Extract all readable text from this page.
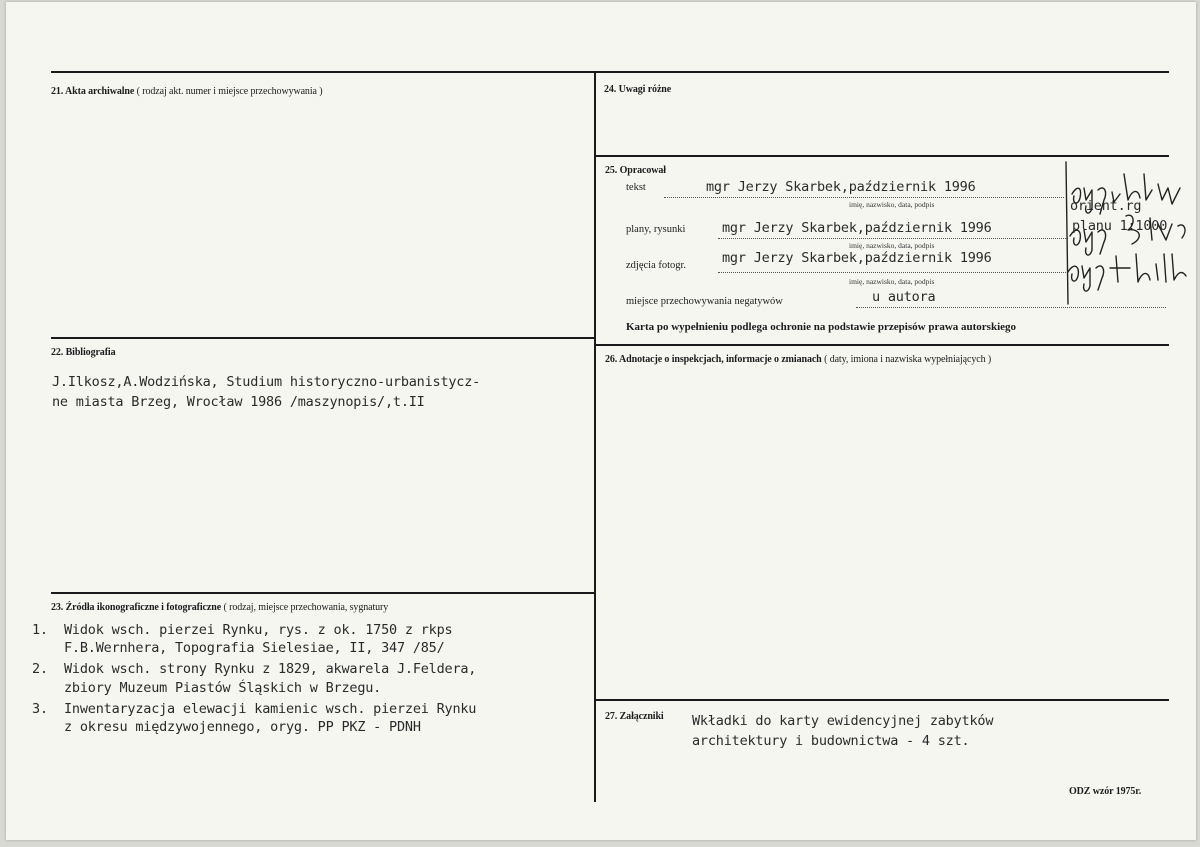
21. Akta archiwalne ( rodzaj akt. numer i miejsce przechowywania )
22. Bibliografia
J.Ilkosz,A.Wodzińska, Studium historyczno-urbanistycz-
ne miasta Brzeg, Wrocław 1986 /maszynopis/,t.II
23. Źródła ikonograficzne i fotograficzne ( rodzaj, miejsce przechowania, sygnatury
1. Widok wsch. pierzei Rynku, rys. z ok. 1750 z rkps
F.B.Wernhera, Topografia Sielesiae, II, 347 /85/
2. Widok wsch. strony Rynku z 1829, akwarela J.Feldera,
zbiory Muzeum Piastów Śląskich w Brzegu.
3. Inwentaryzacja elewacji kamienic wsch. pierzei Rynku
z okresu międzywojennego, oryg. PP PKZ - PDNH
24. Uwagi różne
25. Opracował
tekst	mgr Jerzy Skarbek,październik 1996
imię, nazwisko, data, podpis
plany, rysunki	mgr Jerzy Skarbek,październik 1996
imię, nazwisko, data, podpis
zdjęcia fotogr.	mgr Jerzy Skarbek,październik 1996
imię, nazwisko, data, podpis
orient.rg
planu 1:1000
miejsce przechowywania negatywów	u autora
Karta po wypełnieniu podlega ochronie na podstawie przepisów prawa autorskiego
26. Adnotacje o inspekcjach, informacje o zmianach ( daty, imiona i nazwiska wypełniających )
27. Załączniki Wkładki do karty ewidencyjnej zabytków
architektury i budownictwa - 4 szt.
ODZ wzór 1975r.
